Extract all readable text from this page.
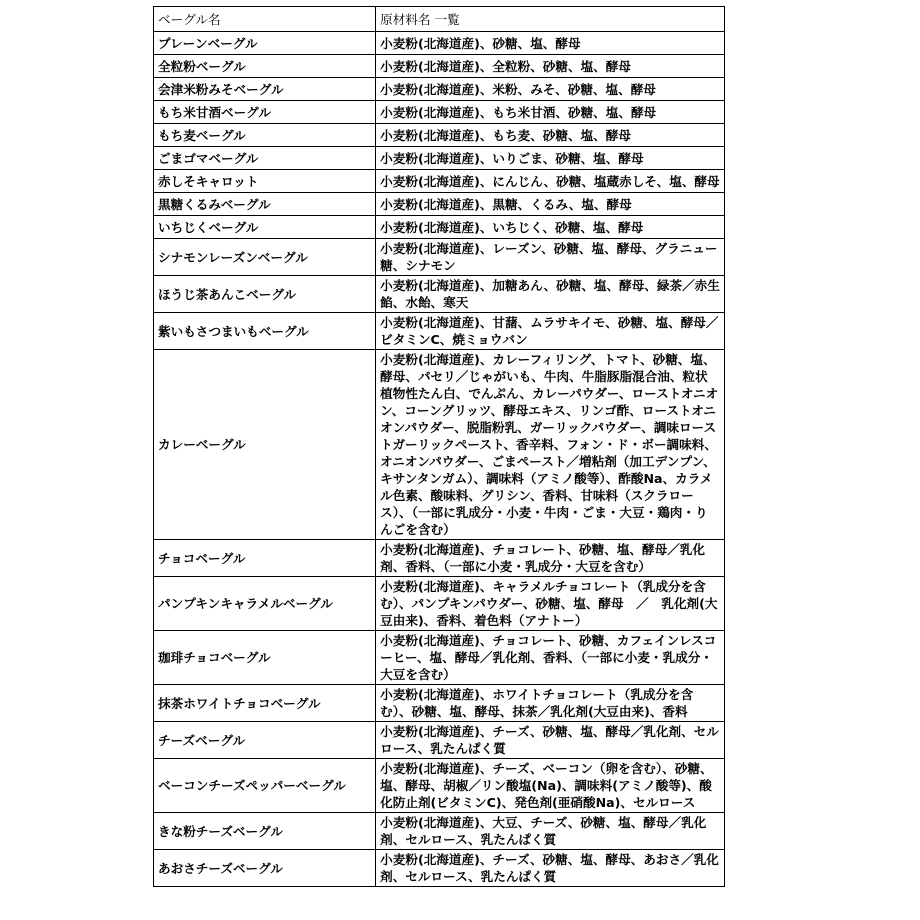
ベーグル名	原材料名 一覧
プレーンベーグル	小麦粉(北海道産)、砂糖、塩、酵母
全粒粉ベーグル	小麦粉(北海道産)、全粒粉、砂糖、塩、酵母
会津米粉みそベーグル	小麦粉(北海道産)、米粉、みそ、砂糖、塩、酵母
もち米甘酒ベーグル	小麦粉(北海道産)、もち米甘酒、砂糖、塩、酵母
もち麦ベーグル	小麦粉(北海道産)、もち麦、砂糖、塩、酵母
ごまゴマベーグル	小麦粉(北海道産)、いりごま、砂糖、塩、酵母
赤しそキャロット	小麦粉(北海道産)、にんじん、砂糖、塩蔵赤しそ、塩、酵母
黒糖くるみベーグル	小麦粉(北海道産)、黒糖、くるみ、塩、酵母
いちじくベーグル	小麦粉(北海道産)、いちじく、砂糖、塩、酵母
シナモンレーズンベーグル	小麦粉(北海道産)、レーズン、砂糖、塩、酵母、グラニュー糖、シナモン
ほうじ茶あんこベーグル	小麦粉(北海道産)、加糖あん、砂糖、塩、酵母、緑茶／赤生餡、水飴、寒天
紫いもさつまいもベーグル	小麦粉(北海道産)、甘藷、ムラサキイモ、砂糖、塩、酵母／ビタミンC、焼ミョウバン
カレーベーグル	小麦粉(北海道産)、カレーフィリング、トマト、砂糖、塩、酵母、パセリ／じゃがいも、牛肉、牛脂豚脂混合油、粒状植物性たん白、でんぷん、カレーパウダー、ローストオニオン、コーングリッツ、酵母エキス、リンゴ酢、ローストオニオンパウダー、脱脂粉乳、ガーリックパウダー、調味ローストガーリックペースト、香辛料、フォン・ド・ボー調味料、オニオンパウダー、ごまペースト／増粘剤（加工デンプン、キサンタンガム）、調味料（アミノ酸等）、酢酸Na、カラメル色素、酸味料、グリシン、香料、甘味料（スクラロース）、（一部に乳成分・小麦・牛肉・ごま・大豆・鶏肉・りんごを含む）
チョコベーグル	小麦粉(北海道産)、チョコレート、砂糖、塩、酵母／乳化剤、香料、（一部に小麦・乳成分・大豆を含む）
パンプキンキャラメルベーグル	小麦粉(北海道産)、キャラメルチョコレート（乳成分を含む）、パンプキンパウダー、砂糖、塩、酵母　／　乳化剤(大豆由来)、香料、着色料（アナトー）
珈琲チョコベーグル	小麦粉(北海道産)、チョコレート、砂糖、カフェインレスコーヒー、塩、酵母／乳化剤、香料、（一部に小麦・乳成分・大豆を含む）
抹茶ホワイトチョコベーグル	小麦粉(北海道産)、ホワイトチョコレート（乳成分を含む）、砂糖、塩、酵母、抹茶／乳化剤(大豆由来)、香料
チーズベーグル	小麦粉(北海道産)、チーズ、砂糖、塩、酵母／乳化剤、セルロース、乳たんぱく質
ベーコンチーズペッパーベーグル	小麦粉(北海道産)、チーズ、ベーコン（卵を含む）、砂糖、塩、酵母、胡椒／リン酸塩(Na)、調味料(アミノ酸等)、酸化防止剤(ビタミンC)、発色剤(亜硝酸Na)、セルロース
きな粉チーズベーグル	小麦粉(北海道産)、大豆、チーズ、砂糖、塩、酵母／乳化剤、セルロース、乳たんぱく質
あおさチーズベーグル	小麦粉(北海道産)、チーズ、砂糖、塩、酵母、あおさ／乳化剤、セルロース、乳たんぱく質
